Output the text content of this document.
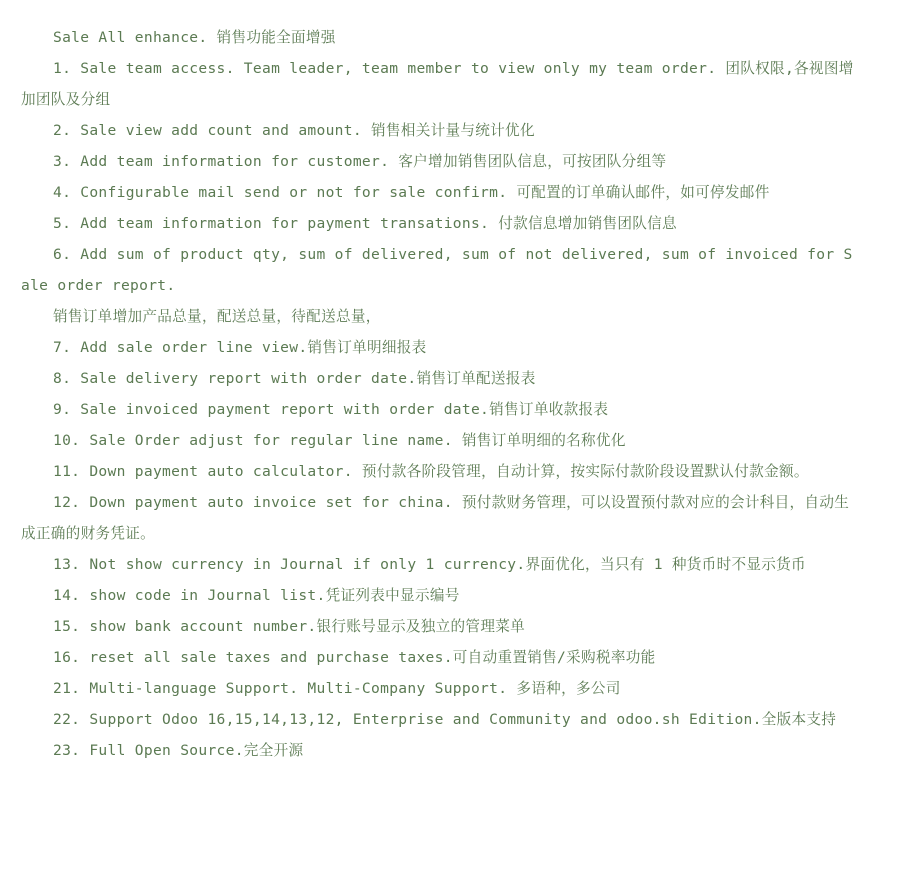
Sale All enhance. 销售功能全面增强

1. Sale team access. Team leader, team member to view only my team order. 团队权限,各视图增加团队及分组

2. Sale view add count and amount. 销售相关计量与统计优化

3. Add team information for customer. 客户增加销售团队信息，可按团队分组等

4. Configurable mail send or not for sale confirm. 可配置的订单确认邮件，如可停发邮件

5. Add team information for payment transations. 付款信息增加销售团队信息

6. Add sum of product qty, sum of delivered, sum of not delivered, sum of invoiced for Sale order report.

销售订单增加产品总量，配送总量，待配送总量，

7. Add sale order line view.销售订单明细报表

8. Sale delivery report with order date.销售订单配送报表

9. Sale invoiced payment report with order date.销售订单收款报表

10. Sale Order adjust for regular line name. 销售订单明细的名称优化

11. Down payment auto calculator. 预付款各阶段管理，自动计算，按实际付款阶段设置默认付款金额。

12. Down payment auto invoice set for china. 预付款财务管理，可以设置预付款对应的会计科目，自动生成正确的财务凭证。

13. Not show currency in Journal if only 1 currency.界面优化，当只有 1 种货币时不显示货币

14. show code in Journal list.凭证列表中显示编号

15. show bank account number.银行账号显示及独立的管理菜单

16. reset all sale taxes and purchase taxes.可自动重置销售/采购税率功能

21. Multi-language Support. Multi-Company Support. 多语种，多公司

22. Support Odoo 16,15,14,13,12, Enterprise and Community and odoo.sh Edition.全版本支持

23. Full Open Source.完全开源
